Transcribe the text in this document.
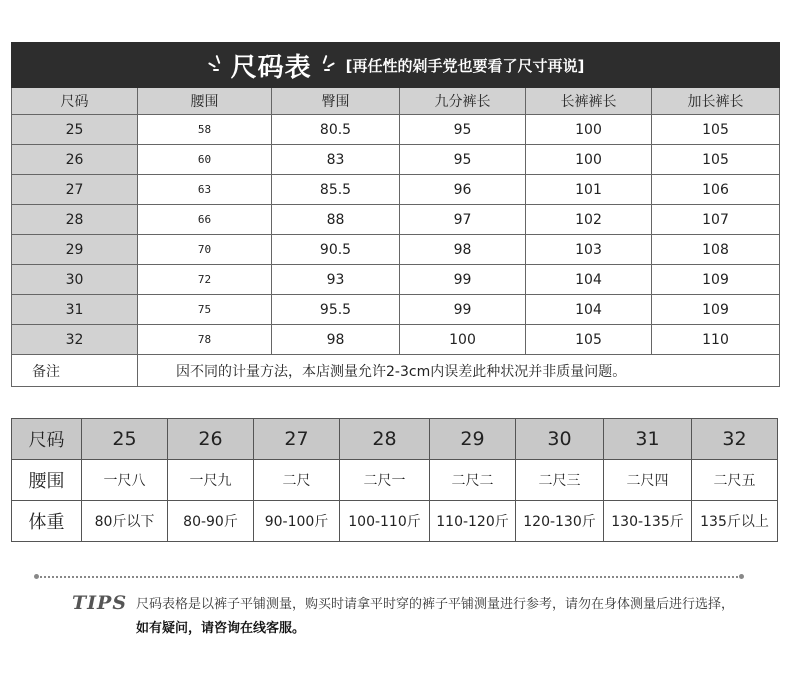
尺码表 [再任性的剁手党也要看了尺寸再说]					

尺码	腰围	臀围	九分裤长	长裤裤长	加长裤长
25	58	80.5	95	100	105
26	60	83	95	100	105
27	63	85.5	96	101	106
28	66	88	97	102	107
29	70	90.5	98	103	108
30	72	93	99	104	109
31	75	95.5	99	104	109
32	78	98	100	105	110
备注	因不同的计量方法，本店测量允许2-3cm内误差此种状况并非质量问题。				
尺码	25	26	27	28	29	30	31	32
腰围	一尺八	一尺九	二尺	二尺一	二尺二	二尺三	二尺四	二尺五
体重	80斤以下	80-90斤	90-100斤	100-110斤	110-120斤	120-130斤	130-135斤	135斤以上
TIPS 尺码表格是以裤子平铺测量，购买时请拿平时穿的裤子平铺测量进行参考，请勿在身体测量后进行选择，如有疑问，请咨询在线客服。
